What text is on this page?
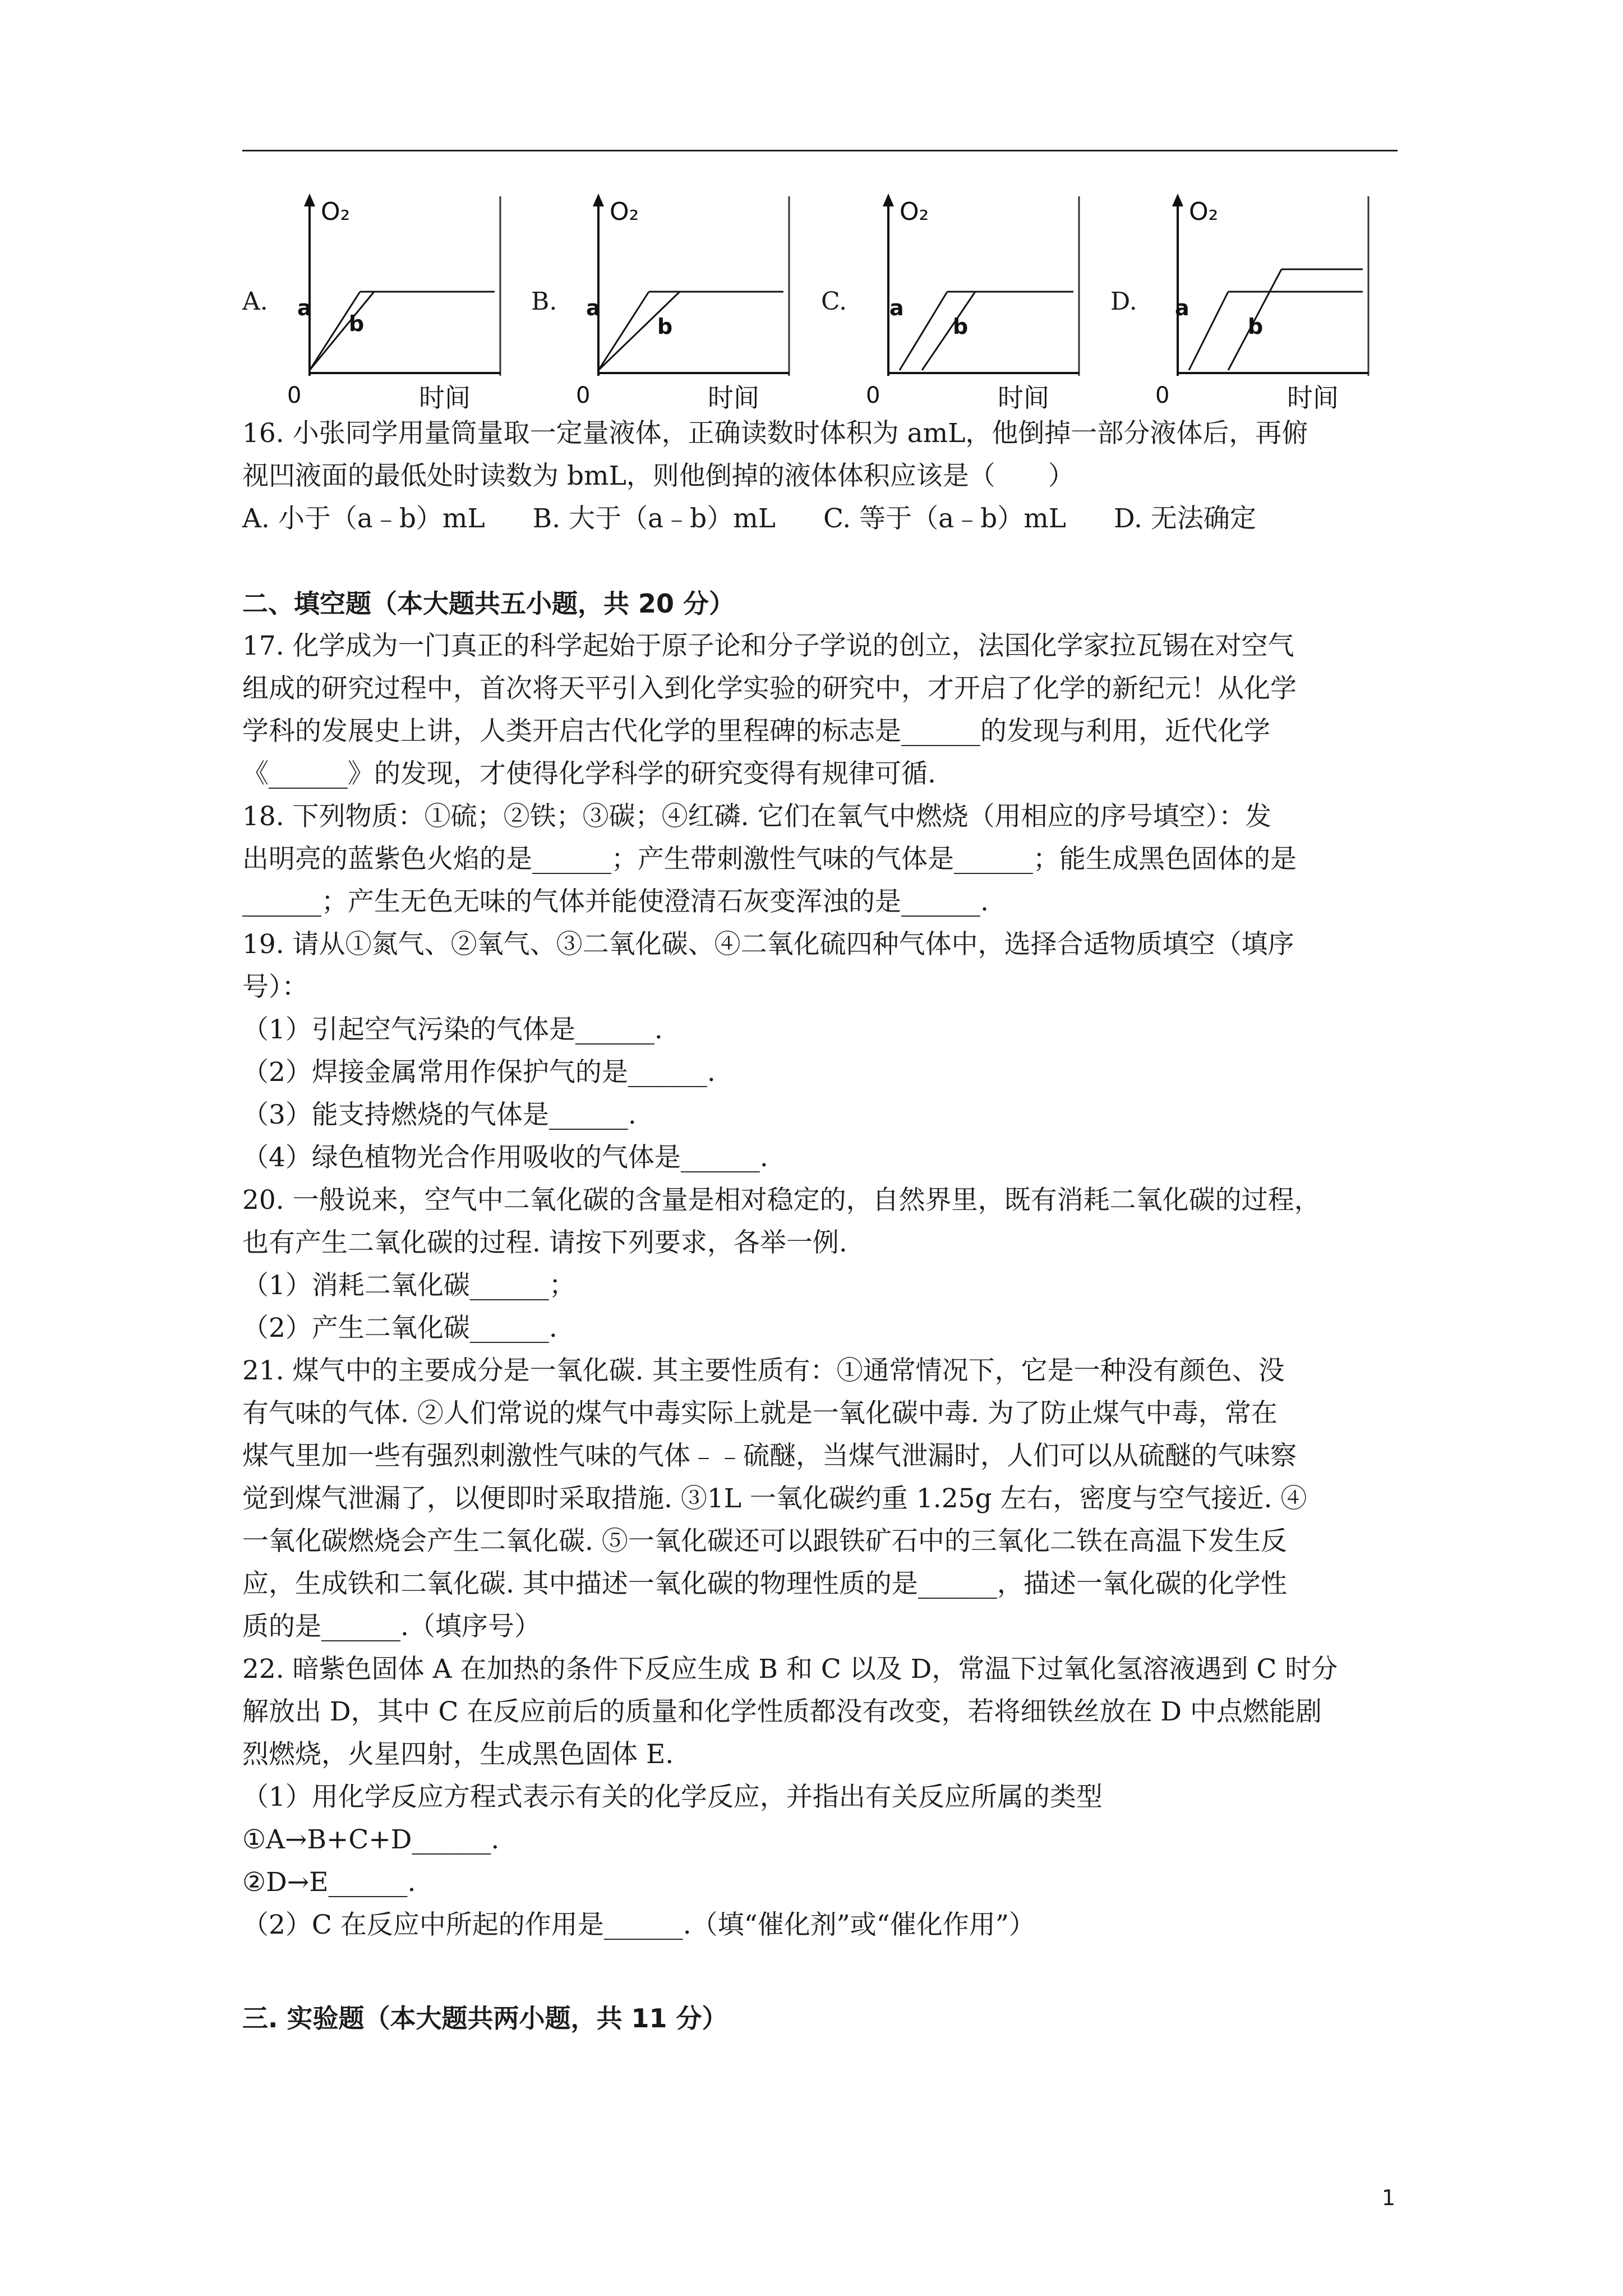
A.
O₂
0	时间
a
b
B.
O₂
0	时间
a
b
C.
O₂
0	时间
a
b
D.
O₂
0	时间
a
b
16. 小张同学用量筒量取一定量液体，正确读数时体积为 amL，他倒掉一部分液体后，再俯
视凹液面的最低处时读数为 bmL，则他倒掉的液体体积应该是（　　）
A. 小于（a﹣b）mL B. 大于（a﹣b）mL C. 等于（a﹣b）mL D. 无法确定
二、填空题（本大题共五小题，共 20 分）
17. 化学成为一门真正的科学起始于原子论和分子学说的创立，法国化学家拉瓦锡在对空气
组成的研究过程中，首次将天平引入到化学实验的研究中，才开启了化学的新纪元！从化学
学科的发展史上讲，人类开启古代化学的里程碑的标志是______的发现与利用，近代化学
《______》的发现，才使得化学科学的研究变得有规律可循.
18. 下列物质：①硫；②铁；③碳；④红磷. 它们在氧气中燃烧（用相应的序号填空）：发
出明亮的蓝紫色火焰的是______；产生带刺激性气味的气体是______；能生成黑色固体的是
______；产生无色无味的气体并能使澄清石灰变浑浊的是______.
19. 请从①氮气、②氧气、③二氧化碳、④二氧化硫四种气体中，选择合适物质填空（填序
号）：
（1）引起空气污染的气体是______.
（2）焊接金属常用作保护气的是______.
（3）能支持燃烧的气体是______.
（4）绿色植物光合作用吸收的气体是______.
20. 一般说来，空气中二氧化碳的含量是相对稳定的，自然界里，既有消耗二氧化碳的过程，
也有产生二氧化碳的过程. 请按下列要求，各举一例.
（1）消耗二氧化碳______；
（2）产生二氧化碳______.
21. 煤气中的主要成分是一氧化碳. 其主要性质有：①通常情况下，它是一种没有颜色、没
有气味的气体. ②人们常说的煤气中毒实际上就是一氧化碳中毒. 为了防止煤气中毒，常在
煤气里加一些有强烈刺激性气味的气体﹣﹣硫醚，当煤气泄漏时，人们可以从硫醚的气味察
觉到煤气泄漏了，以便即时采取措施. ③1L 一氧化碳约重 1.25g 左右，密度与空气接近. ④
一氧化碳燃烧会产生二氧化碳. ⑤一氧化碳还可以跟铁矿石中的三氧化二铁在高温下发生反
应，生成铁和二氧化碳. 其中描述一氧化碳的物理性质的是______，描述一氧化碳的化学性
质的是______.（填序号）
22. 暗紫色固体 A 在加热的条件下反应生成 B 和 C 以及 D，常温下过氧化氢溶液遇到 C 时分
解放出 D，其中 C 在反应前后的质量和化学性质都没有改变，若将细铁丝放在 D 中点燃能剧
烈燃烧，火星四射，生成黑色固体 E.
（1）用化学反应方程式表示有关的化学反应，并指出有关反应所属的类型
①A→B+C+D______.
②D→E______.
（2）C 在反应中所起的作用是______.（填“催化剂”或“催化作用”）
三. 实验题（本大题共两小题，共 11 分）
1
